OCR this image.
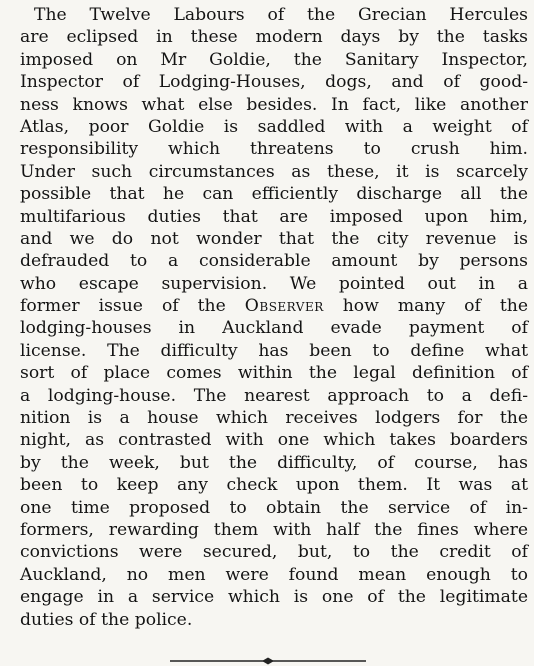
The Twelve Labours of the Grecian Hercules
are eclipsed in these modern days by the tasks
imposed on Mr Goldie, the Sanitary Inspector,
Inspector of Lodging-Houses, dogs, and of good-
ness knows what else besides. In fact, like another
Atlas, poor Goldie is saddled with a weight of
responsibility which threatens to crush him.
Under such circumstances as these, it is scarcely
possible that he can efficiently discharge all the
multifarious duties that are imposed upon him,
and we do not wonder that the city revenue is
defrauded to a considerable amount by persons
who escape supervision. We pointed out in a
former issue of the Observer how many of the
lodging-houses in Auckland evade payment of
license. The difficulty has been to define what
sort of place comes within the legal definition of
a lodging-house. The nearest approach to a defi-
nition is a house which receives lodgers for the
night, as contrasted with one which takes boarders
by the week, but the difficulty, of course, has
been to keep any check upon them. It was at
one time proposed to obtain the service of in-
formers, rewarding them with half the fines where
convictions were secured, but, to the credit of
Auckland, no men were found mean enough to
engage in a service which is one of the legitimate
duties of the police.
